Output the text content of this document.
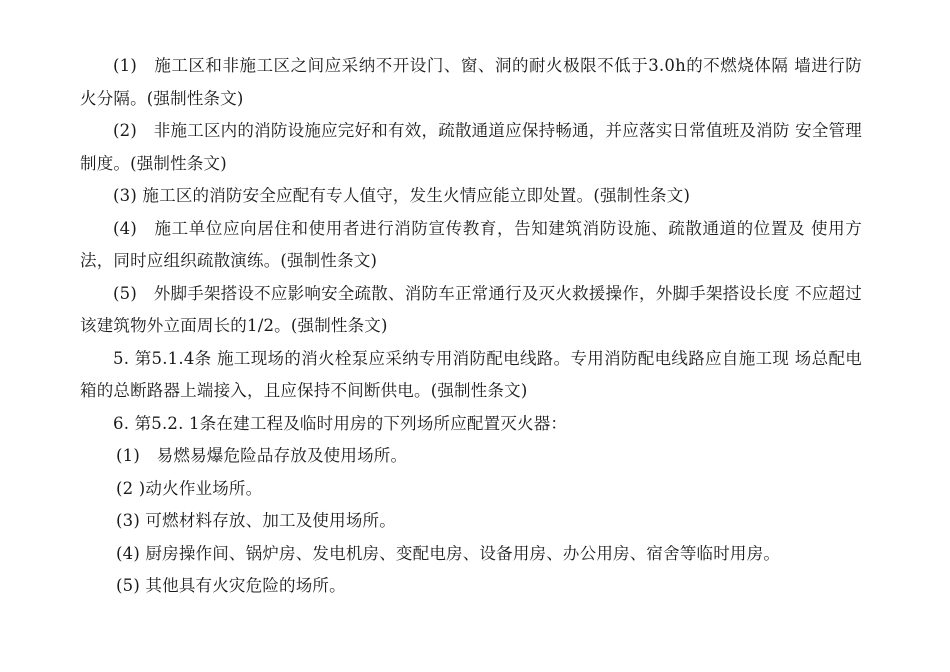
(1)　施工区和非施工区之间应采纳不开设门、窗、洞的耐火极限不低于3.0h的不燃烧体隔 墙进行防火分隔。(强制性条文)

(2)　非施工区内的消防设施应完好和有效，疏散通道应保持畅通，并应落实日常值班及消防 安全管理制度。(强制性条文)

(3) 施工区的消防安全应配有专人值守，发生火情应能立即处置。(强制性条文)

(4)　施工单位应向居住和使用者进行消防宣传教育，告知建筑消防设施、疏散通道的位置及 使用方法，同时应组织疏散演练。(强制性条文)

(5)　外脚手架搭设不应影响安全疏散、消防车正常通行及灭火救援操作，外脚手架搭设长度 不应超过该建筑物外立面周长的1/2。(强制性条文)

5. 第5.1.4条 施工现场的消火栓泵应采纳专用消防配电线路。专用消防配电线路应自施工现 场总配电箱的总断路器上端接入，且应保持不间断供电。(强制性条文)

6. 第5.2. 1条在建工程及临时用房的下列场所应配置灭火器：

(1)　易燃易爆危险品存放及使用场所。

(2 )动火作业场所。

(3) 可燃材料存放、加工及使用场所。

(4) 厨房操作间、锅炉房、发电机房、变配电房、设备用房、办公用房、宿舍等临时用房。

(5) 其他具有火灾危险的场所。
